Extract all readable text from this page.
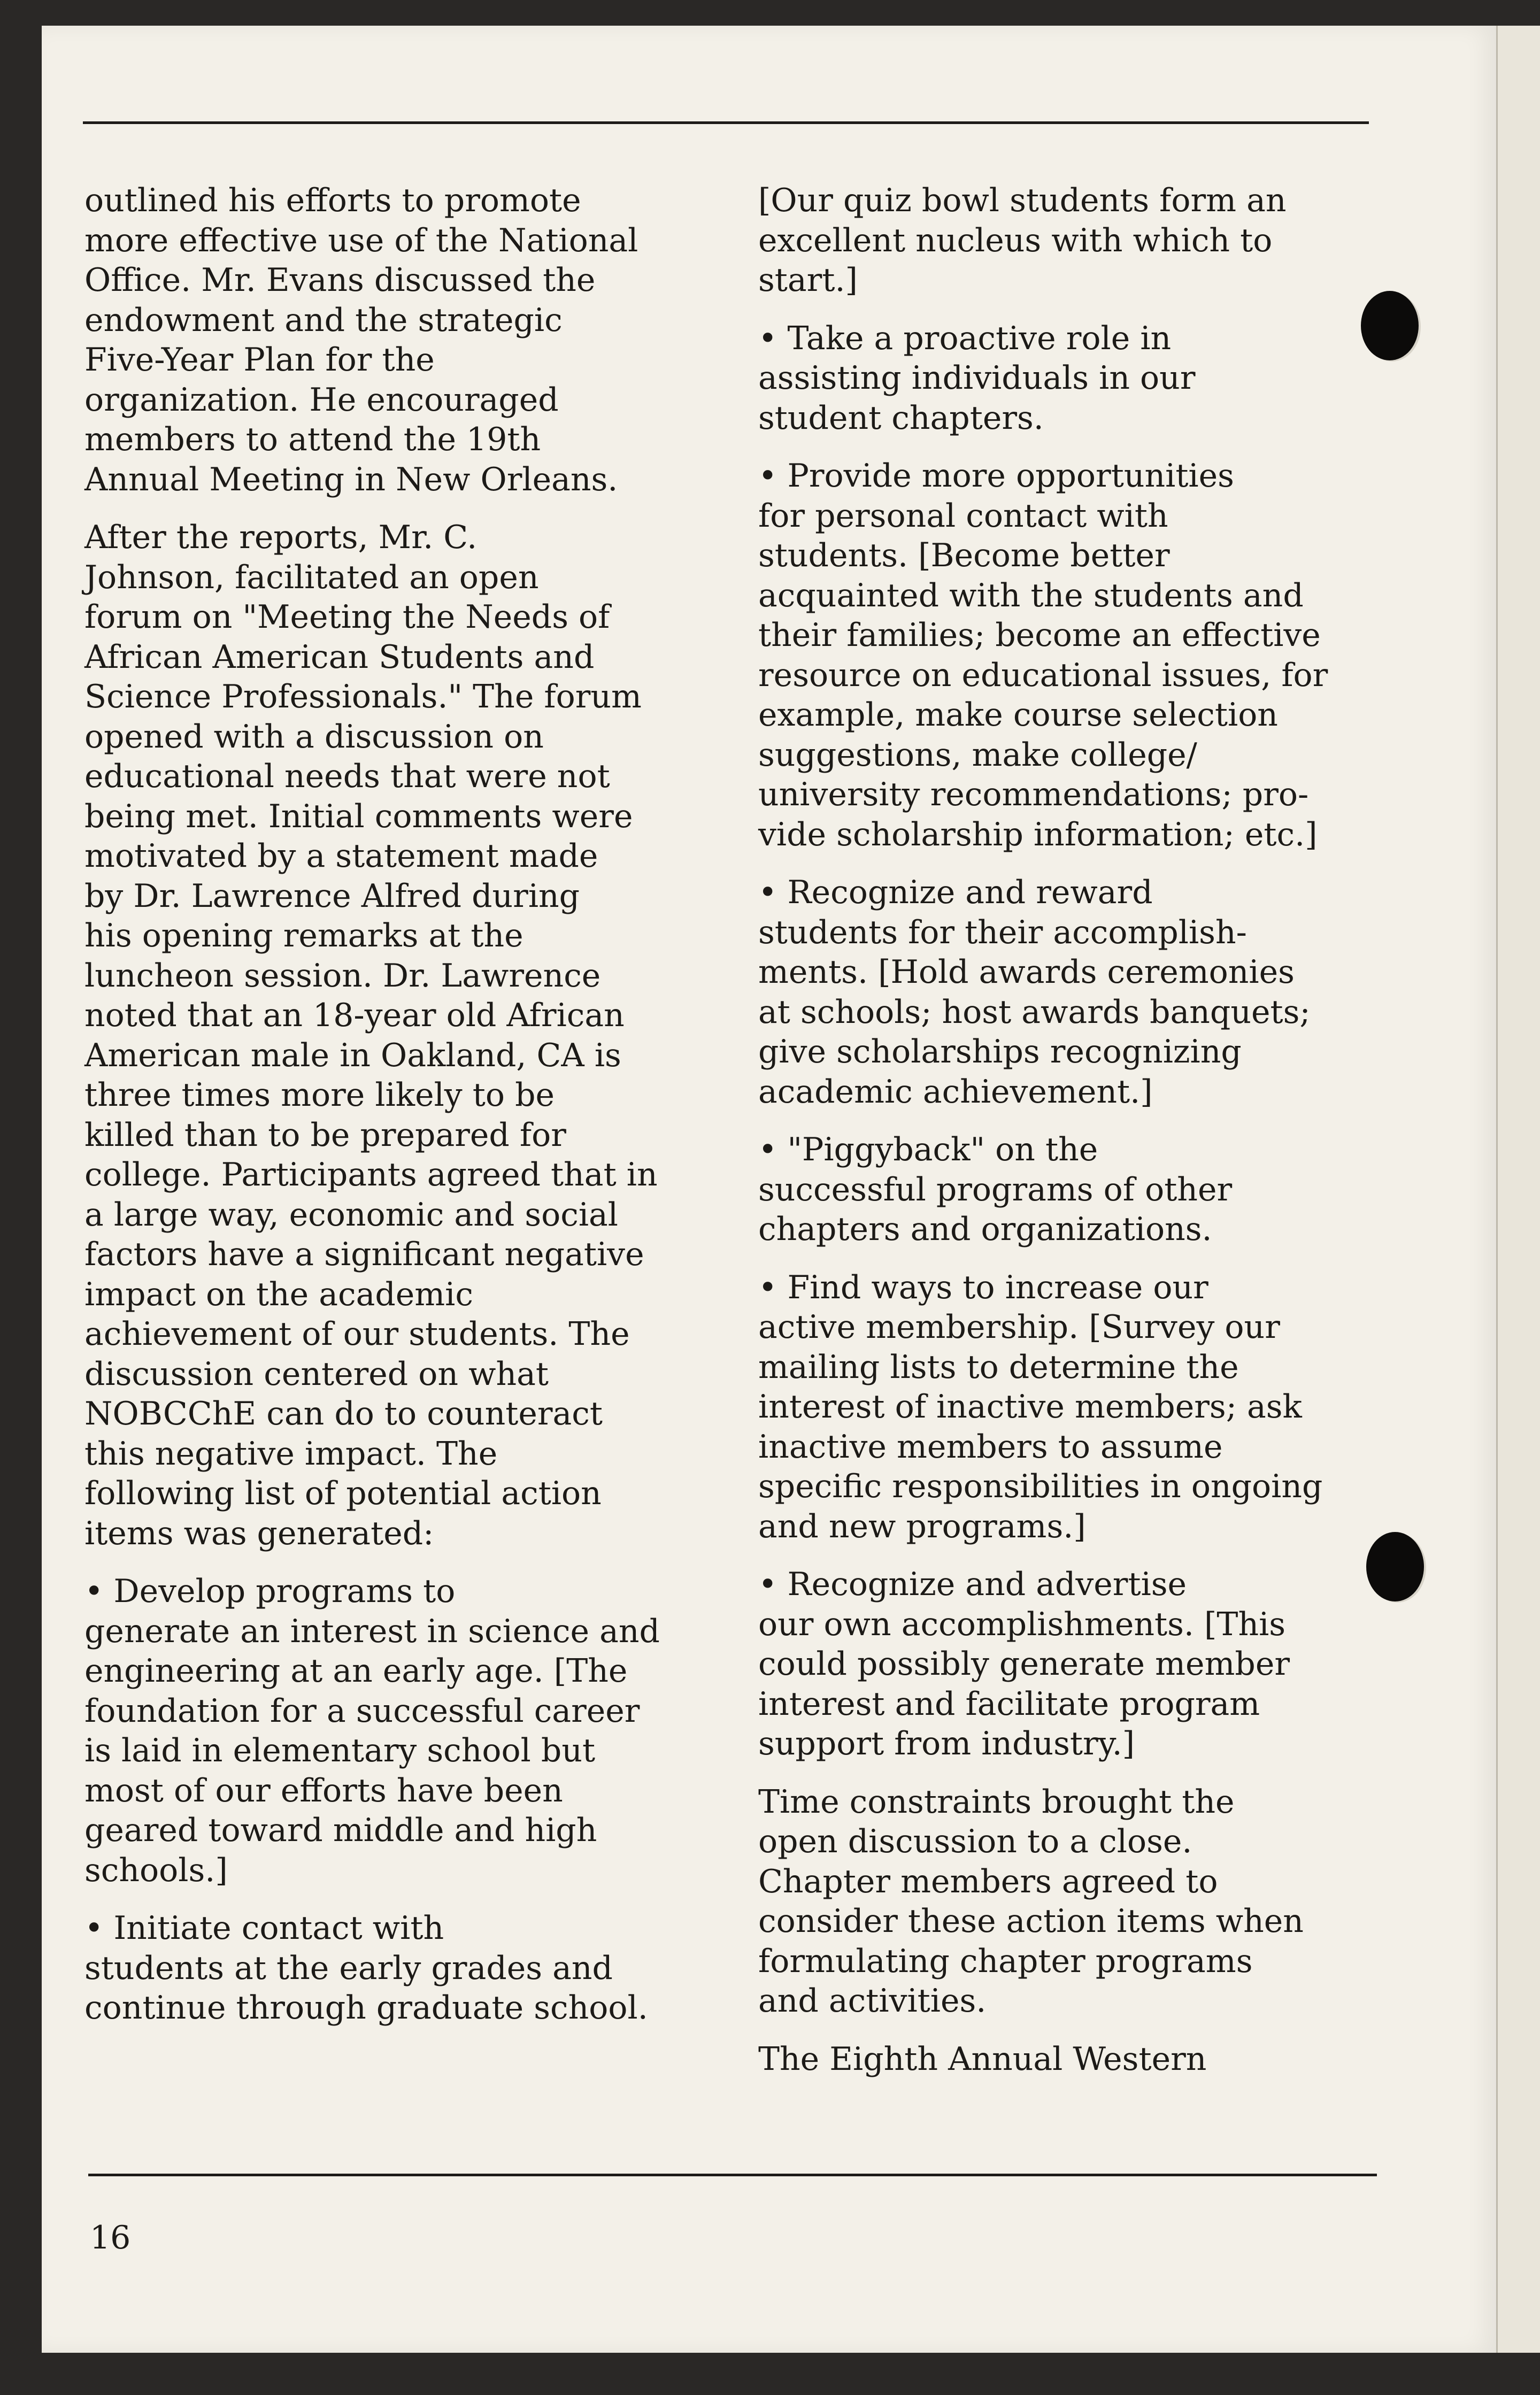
outlined his efforts to promote
more effective use of the National
Office. Mr. Evans discussed the
endowment and the strategic
Five-Year Plan for the
organization. He encouraged
members to attend the 19th
Annual Meeting in New Orleans.

After the reports, Mr. C.
Johnson, facilitated an open
forum on "Meeting the Needs of
African American Students and
Science Professionals." The forum
opened with a discussion on
educational needs that were not
being met. Initial comments were
motivated by a statement made
by Dr. Lawrence Alfred during
his opening remarks at the
luncheon session. Dr. Lawrence
noted that an 18-year old African
American male in Oakland, CA is
three times more likely to be
killed than to be prepared for
college. Participants agreed that in
a large way, economic and social
factors have a significant negative
impact on the academic
achievement of our students. The
discussion centered on what
NOBCChE can do to counteract
this negative impact. The
following list of potential action
items was generated:

• Develop programs to
generate an interest in science and
engineering at an early age. [The
foundation for a successful career
is laid in elementary school but
most of our efforts have been
geared toward middle and high
schools.]

• Initiate contact with
students at the early grades and
continue through graduate school.

[Our quiz bowl students form an
excellent nucleus with which to
start.]

• Take a proactive role in
assisting individuals in our
student chapters.

• Provide more opportunities
for personal contact with
students. [Become better
acquainted with the students and
their families; become an effective
resource on educational issues, for
example, make course selection
suggestions, make college/
university recommendations; pro-
vide scholarship information; etc.]

• Recognize and reward
students for their accomplish-
ments. [Hold awards ceremonies
at schools; host awards banquets;
give scholarships recognizing
academic achievement.]

• "Piggyback" on the
successful programs of other
chapters and organizations.

• Find ways to increase our
active membership. [Survey our
mailing lists to determine the
interest of inactive members; ask
inactive members to assume
specific responsibilities in ongoing
and new programs.]

• Recognize and advertise
our own accomplishments. [This
could possibly generate member
interest and facilitate program
support from industry.]

Time constraints brought the
open discussion to a close.
Chapter members agreed to
consider these action items when
formulating chapter programs
and activities.

The Eighth Annual Western

16
